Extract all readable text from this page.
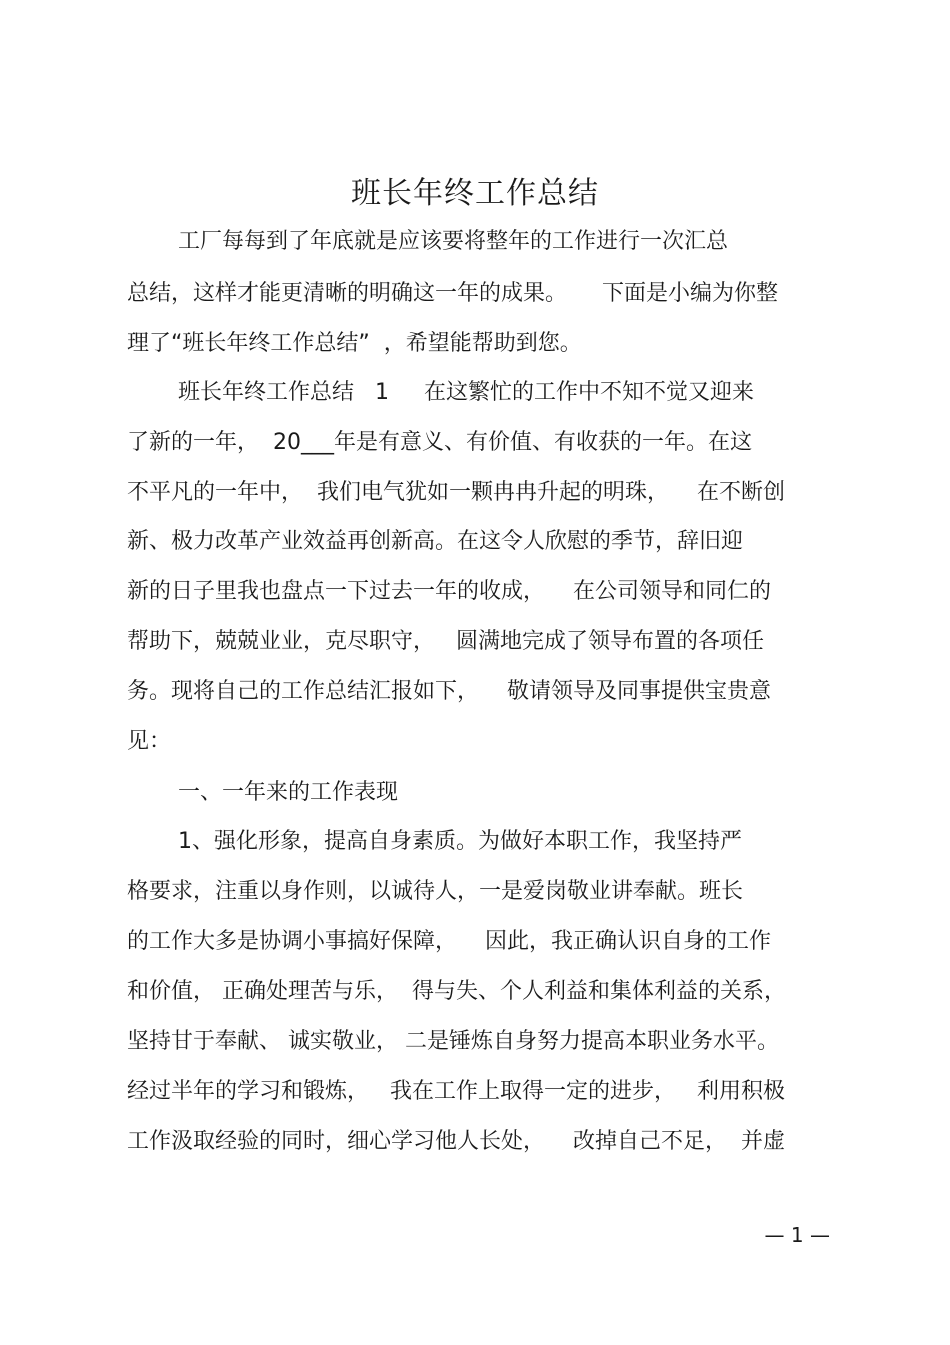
班长年终工作总结
工厂每每到了年底就是应该要将整年的工作进行一次汇总
总结，这样才能更清晰的明确这一年的成果。     下面是小编为你整
理了“班长年终工作总结”  ，希望能帮助到您。
班长年终工作总结   1     在这繁忙的工作中不知不觉又迎来
了新的一年，  20___年是有意义、有价值、有收获的一年。在这
不平凡的一年中，  我们电气犹如一颗冉冉升起的明珠，    在不断创
新、极力改革产业效益再创新高。在这令人欣慰的季节，辞旧迎
新的日子里我也盘点一下过去一年的收成，    在公司领导和同仁的
帮助下，兢兢业业，克尽职守，   圆满地完成了领导布置的各项任
务。现将自己的工作总结汇报如下，    敬请领导及同事提供宝贵意
见：
一、一年来的工作表现
1、强化形象，提高自身素质。为做好本职工作，我坚持严
格要求，注重以身作则，以诚待人，一是爱岗敬业讲奉献。班长
的工作大多是协调小事搞好保障，    因此，我正确认识自身的工作
和价值， 正确处理苦与乐，  得与失、个人利益和集体利益的关系，
坚持甘于奉献、 诚实敬业， 二是锤炼自身努力提高本职业务水平。
经过半年的学习和锻炼，   我在工作上取得一定的进步，   利用积极
工作汲取经验的同时，细心学习他人长处，    改掉自己不足，  并虚
— 1 —
